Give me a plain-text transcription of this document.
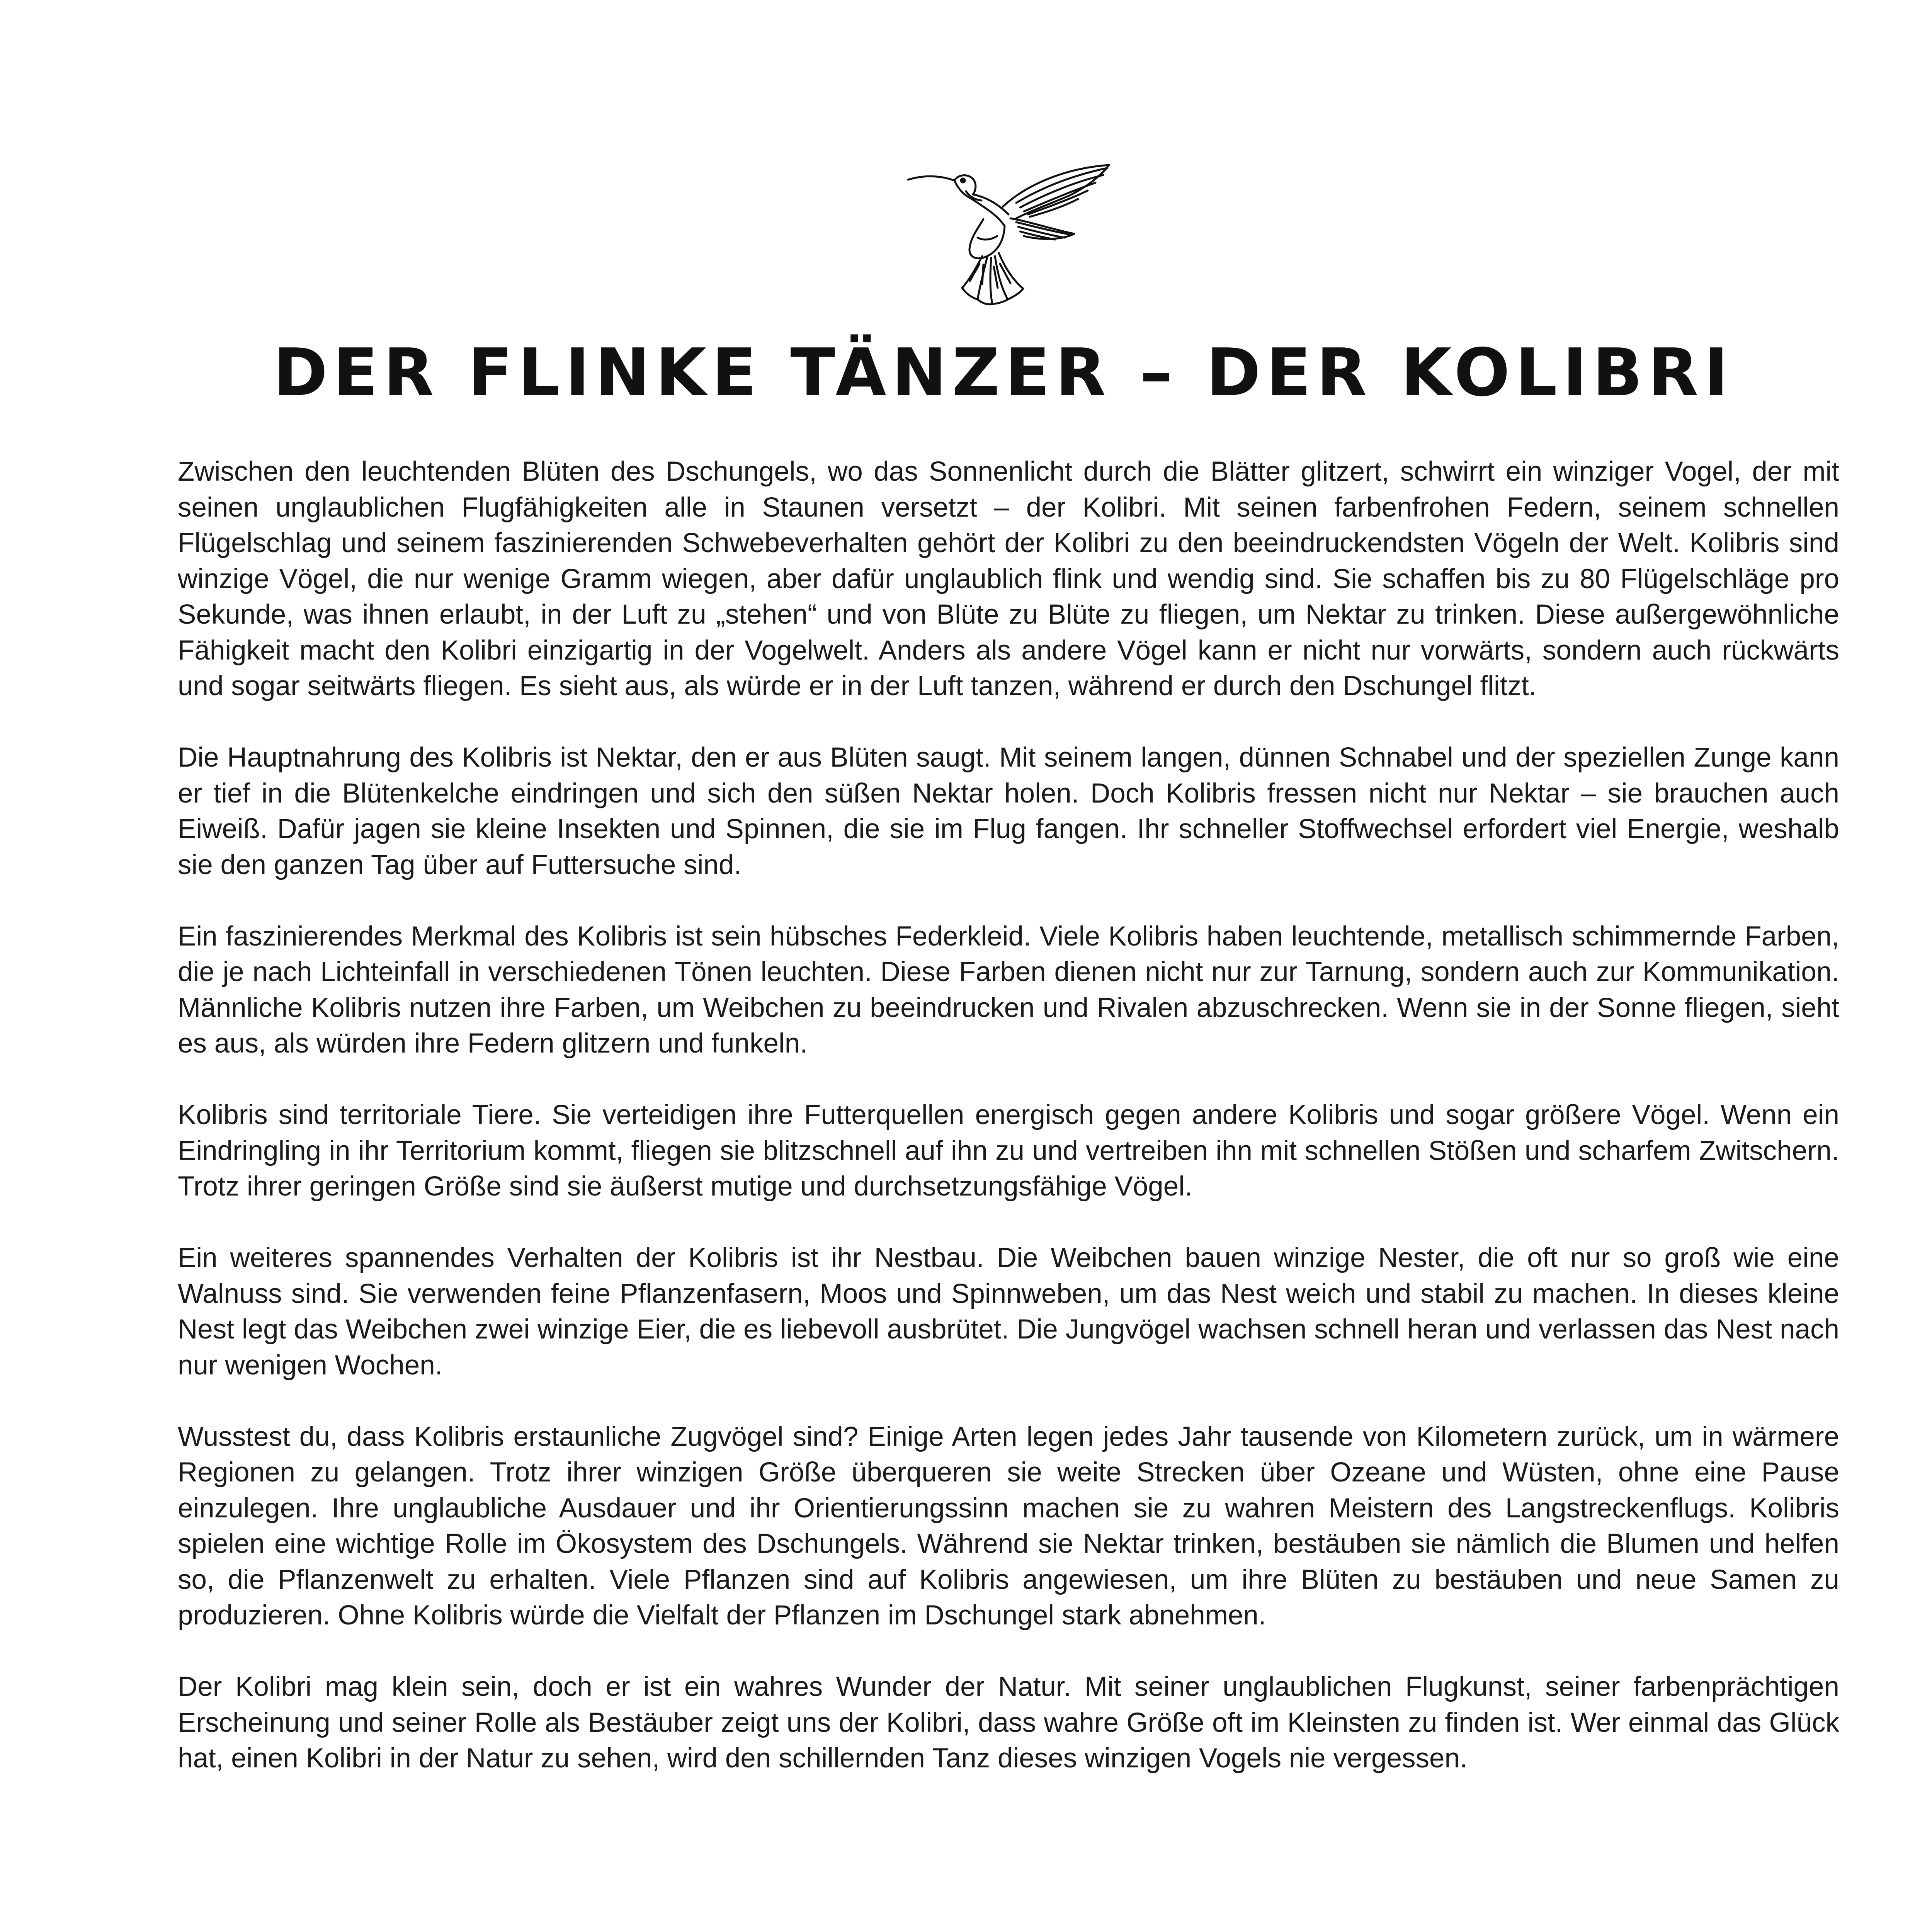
DER FLINKE TÄNZER – DER KOLIBRI

Zwischen den leuchtenden Blüten des Dschungels, wo das Sonnenlicht durch die Blätter glitzert, schwirrt ein winziger Vogel, der mit seinen unglaublichen Flugfähigkeiten alle in Staunen versetzt – der Kolibri. Mit seinen farbenfrohen Federn, seinem schnellen Flügelschlag und seinem faszinierenden Schwebeverhalten gehört der Kolibri zu den beeindruckendsten Vögeln der Welt. Kolibris sind winzige Vögel, die nur wenige Gramm wiegen, aber dafür unglaublich flink und wendig sind. Sie schaffen bis zu 80 Flügelschläge pro Sekunde, was ihnen erlaubt, in der Luft zu „stehen“ und von Blüte zu Blüte zu fliegen, um Nektar zu trinken. Diese außergewöhnliche Fähigkeit macht den Kolibri einzigartig in der Vogelwelt. Anders als andere Vögel kann er nicht nur vorwärts, sondern auch rückwärts und sogar seitwärts fliegen. Es sieht aus, als würde er in der Luft tanzen, während er durch den Dschungel flitzt.

Die Hauptnahrung des Kolibris ist Nektar, den er aus Blüten saugt. Mit seinem langen, dünnen Schnabel und der speziellen Zunge kann er tief in die Blütenkelche eindringen und sich den süßen Nektar holen. Doch Kolibris fressen nicht nur Nektar – sie brauchen auch Eiweiß. Dafür jagen sie kleine Insekten und Spinnen, die sie im Flug fangen. Ihr schneller Stoffwechsel erfordert viel Energie, weshalb sie den ganzen Tag über auf Futtersuche sind.

Ein faszinierendes Merkmal des Kolibris ist sein hübsches Federkleid. Viele Kolibris haben leuchtende, metallisch schimmernde Farben, die je nach Lichteinfall in verschiedenen Tönen leuchten. Diese Farben dienen nicht nur zur Tarnung, sondern auch zur Kommunikation. Männliche Kolibris nutzen ihre Farben, um Weibchen zu beeindrucken und Rivalen abzuschrecken. Wenn sie in der Sonne fliegen, sieht es aus, als würden ihre Federn glitzern und funkeln.

Kolibris sind territoriale Tiere. Sie verteidigen ihre Futterquellen energisch gegen andere Kolibris und sogar größere Vögel. Wenn ein Eindringling in ihr Territorium kommt, fliegen sie blitzschnell auf ihn zu und vertreiben ihn mit schnellen Stößen und scharfem Zwitschern. Trotz ihrer geringen Größe sind sie äußerst mutige und durchsetzungsfähige Vögel.

Ein weiteres spannendes Verhalten der Kolibris ist ihr Nestbau. Die Weibchen bauen winzige Nester, die oft nur so groß wie eine Walnuss sind. Sie verwenden feine Pflanzenfasern, Moos und Spinnweben, um das Nest weich und stabil zu machen. In dieses kleine Nest legt das Weibchen zwei winzige Eier, die es liebevoll ausbrütet. Die Jungvögel wachsen schnell heran und verlassen das Nest nach nur wenigen Wochen.

Wusstest du, dass Kolibris erstaunliche Zugvögel sind? Einige Arten legen jedes Jahr tausende von Kilometern zurück, um in wärmere Regionen zu gelangen. Trotz ihrer winzigen Größe überqueren sie weite Strecken über Ozeane und Wüsten, ohne eine Pause einzulegen. Ihre unglaubliche Ausdauer und ihr Orientierungssinn machen sie zu wahren Meistern des Langstreckenflugs. Kolibris spielen eine wichtige Rolle im Ökosystem des Dschungels. Während sie Nektar trinken, bestäuben sie nämlich die Blumen und helfen so, die Pflanzenwelt zu erhalten. Viele Pflanzen sind auf Kolibris angewiesen, um ihre Blüten zu bestäuben und neue Samen zu produzieren. Ohne Kolibris würde die Vielfalt der Pflanzen im Dschungel stark abnehmen.

Der Kolibri mag klein sein, doch er ist ein wahres Wunder der Natur. Mit seiner unglaublichen Flugkunst, seiner farbenprächtigen Erscheinung und seiner Rolle als Bestäuber zeigt uns der Kolibri, dass wahre Größe oft im Kleinsten zu finden ist. Wer einmal das Glück hat, einen Kolibri in der Natur zu sehen, wird den schillernden Tanz dieses winzigen Vogels nie vergessen.
